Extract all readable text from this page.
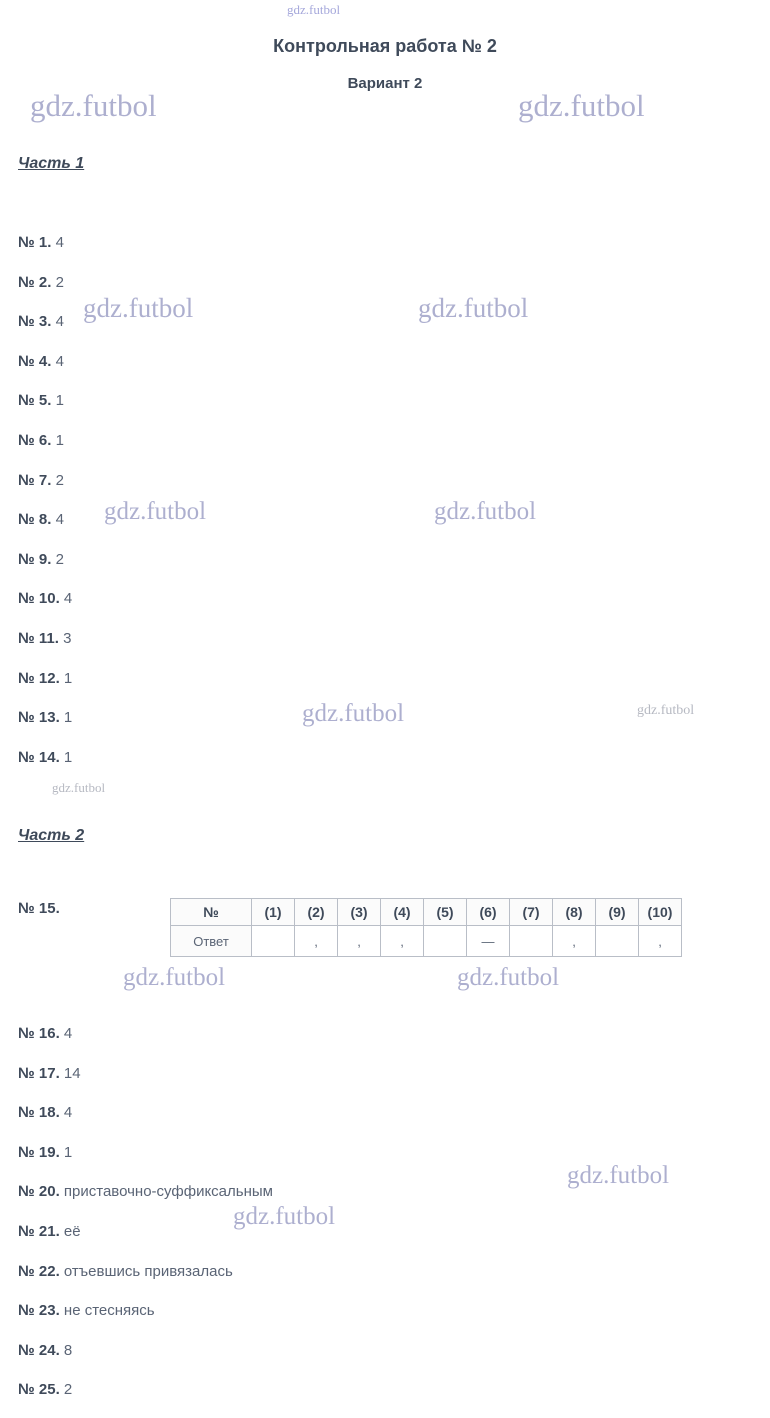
gdz.futbol
gdz.futbol	gdz.futbol
gdz.futbol	gdz.futbol
gdz.futbol	gdz.futbol
gdz.futbol	gdz.futbol
gdz.futbol
gdz.futbol	gdz.futbol
gdz.futbol
gdz.futbol
Контрольная работа № 2
Вариант 2
Часть 1
Часть 2
№ 1. 4
№ 2. 2
№ 3. 4
№ 4. 4
№ 5. 1
№ 6. 1
№ 7. 2
№ 8. 4
№ 9. 2
№ 10. 4
№ 11. 3
№ 12. 1
№ 13. 1
№ 14. 1
№ 15.	№	(1)	(2)	(3)	(4)	(5)	(6)	(7)	(8)	(9)	(10)
Ответ		,	,	,		—		,		,
№ 16. 4
№ 17. 14
№ 18. 4
№ 19. 1
№ 20. приставочно-суффиксальным
№ 21. её
№ 22. отъевшись привязалась
№ 23. не стесняясь
№ 24. 8
№ 25. 2
